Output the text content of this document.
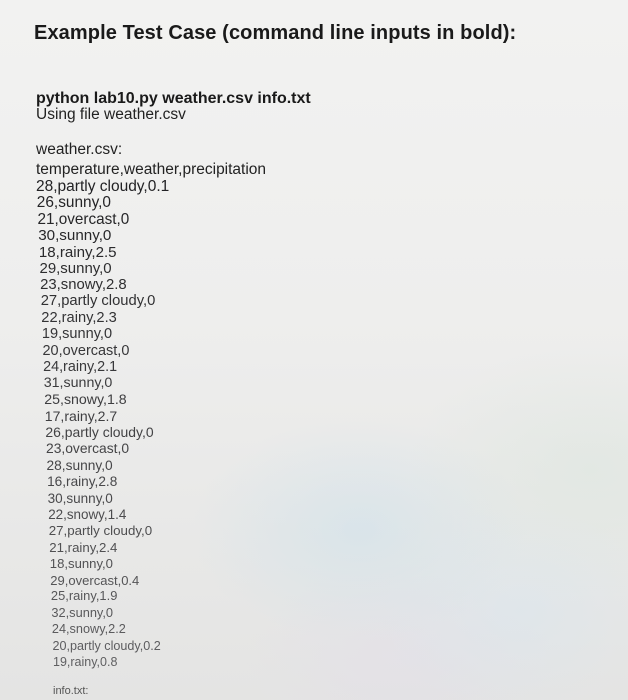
Example Test Case (command line inputs in bold):
python lab10.py weather.csv info.txt
Using file weather.csv
weather.csv:
temperature,weather,precipitation
28,partly cloudy,0.1
26,sunny,0
21,overcast,0
30,sunny,0
18,rainy,2.5
29,sunny,0
23,snowy,2.8
27,partly cloudy,0
22,rainy,2.3
19,sunny,0
20,overcast,0
24,rainy,2.1
31,sunny,0
25,snowy,1.8
17,rainy,2.7
26,partly cloudy,0
23,overcast,0
28,sunny,0
16,rainy,2.8
30,sunny,0
22,snowy,1.4
27,partly cloudy,0
21,rainy,2.4
18,sunny,0
29,overcast,0.4
25,rainy,1.9
32,sunny,0
24,snowy,2.2
20,partly cloudy,0.2
19,rainy,0.8
info.txt:
